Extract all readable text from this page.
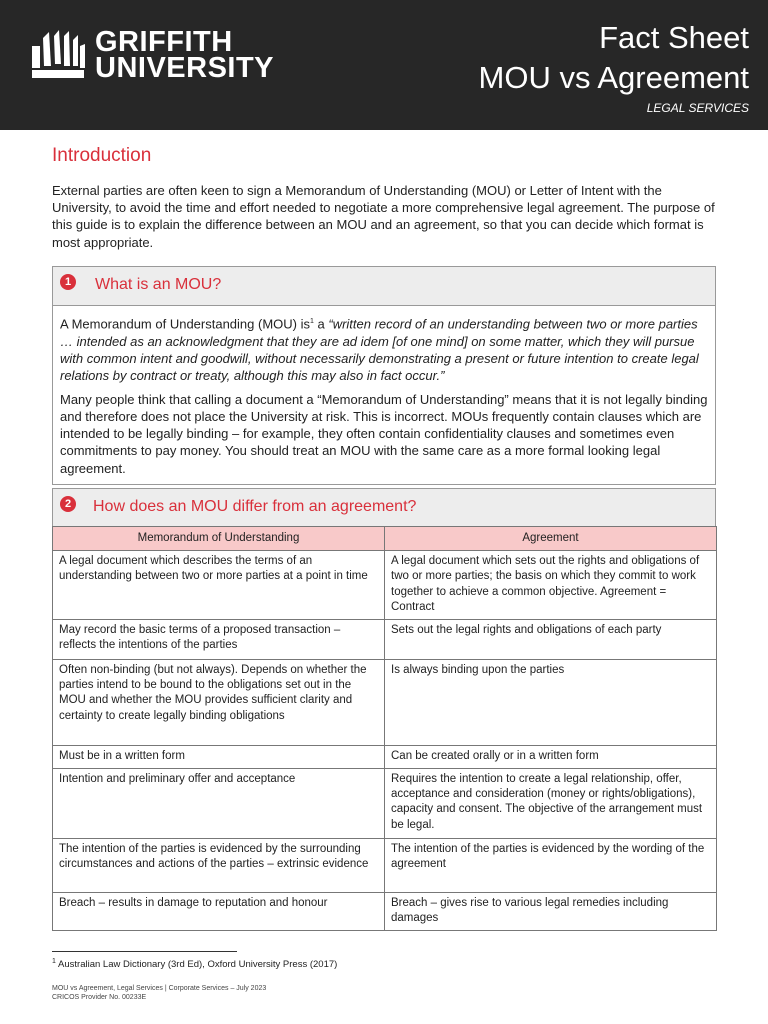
GRIFFITH
UNIVERSITY
Fact Sheet
MOU vs Agreement
LEGAL SERVICES
Introduction
External parties are often keen to sign a Memorandum of Understanding (MOU) or Letter of Intent with the University, to avoid the time and effort needed to negotiate a more comprehensive legal agreement. The purpose of this guide is to explain the difference between an MOU and an agreement, so that you can decide which format is most appropriate.
1	What is an MOU?

A Memorandum of Understanding (MOU) $is^1$ a “written record of an understanding between two or more parties … intended as an acknowledgment that they are ad idem [of one mind] on some matter, which they will pursue with common intent and goodwill, without necessarily demonstrating a present or future intention to create legal relations by contract or treaty, although this may also in fact occur.”

Many people think that calling a document a “Memorandum of Understanding” means that it is not legally binding and therefore does not place the University at risk. This is incorrect. MOUs frequently contain clauses which are intended to be legally binding – for example, they often contain confidentiality clauses and sometimes even commitments to pay money. You should treat an MOU with the same care as a more formal looking legal agreement.

2	How does an MOU differ from an agreement?
Memorandum of Understanding	Agreement
A legal document which describes the terms of an understanding between two or more parties at a point in time	A legal document which sets out the rights and obligations of two or more parties; the basis on which they commit to work together to achieve a common objective. Agreement = Contract
May record the basic terms of a proposed transaction – reflects the intentions of the parties	Sets out the legal rights and obligations of each party
Often non-binding (but not always). Depends on whether the parties intend to be bound to the obligations set out in the MOU and whether the MOU provides sufficient clarity and certainty to create legally binding obligations	Is always binding upon the parties
Must be in a written form	Can be created orally or in a written form
Intention and preliminary offer and acceptance	Requires the intention to create a legal relationship, offer, acceptance and consideration (money or rights/obligations), capacity and consent. The objective of the arrangement must be legal.
The intention of the parties is evidenced by the surrounding circumstances and actions of the parties – extrinsic evidence	The intention of the parties is evidenced by the wording of the agreement
Breach – results in damage to reputation and honour	Breach – gives rise to various legal remedies including damages
$^1$ Australian Law Dictionary (3rd Ed), Oxford University Press (2017)
MOU vs Agreement, Legal Services | Corporate Services – July 2023
CRICOS Provider No. 00233E
